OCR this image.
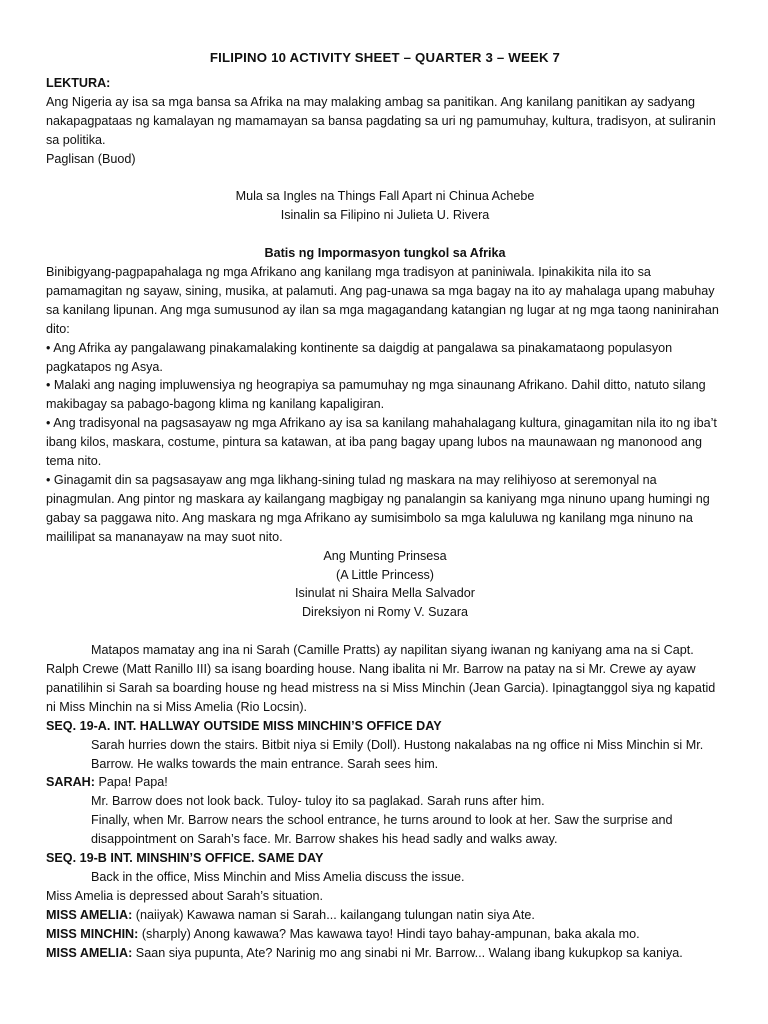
FILIPINO 10 ACTIVITY SHEET – QUARTER 3 – WEEK 7

LEKTURA:

Ang Nigeria ay isa sa mga bansa sa Afrika na may malaking ambag sa panitikan. Ang kanilang panitikan ay sadyang nakapagpataas ng kamalayan ng mamamayan sa bansa pagdating sa uri ng pamumuhay, kultura, tradisyon, at suliranin sa politika.

Paglisan (Buod)

Mula sa Ingles na Things Fall Apart ni Chinua Achebe

Isinalin sa Filipino ni Julieta U. Rivera

Batis ng Impormasyon tungkol sa Afrika

Binibigyang-pagpapahalaga ng mga Afrikano ang kanilang mga tradisyon at paniniwala. Ipinakikita nila ito sa pamamagitan ng sayaw, sining, musika, at palamuti. Ang pag-unawa sa mga bagay na ito ay mahalaga upang mabuhay sa kanilang lipunan. Ang mga sumusunod ay ilan sa mga magagandang katangian ng lugar at ng mga taong naninirahan dito:

• Ang Afrika ay pangalawang pinakamalaking kontinente sa daigdig at pangalawa sa pinakamataong populasyon pagkatapos ng Asya.

• Malaki ang naging impluwensiya ng heograpiya sa pamumuhay ng mga sinaunang Afrikano. Dahil ditto, natuto silang makibagay sa pabago-bagong klima ng kanilang kapaligiran.

• Ang tradisyonal na pagsasayaw ng mga Afrikano ay isa sa kanilang mahahalagang kultura, ginagamitan nila ito ng iba’t ibang kilos, maskara, costume, pintura sa katawan, at iba pang bagay upang lubos na maunawaan ng manonood ang tema nito.

• Ginagamit din sa pagsasayaw ang mga likhang-sining tulad ng maskara na may relihiyoso at seremonyal na pinagmulan. Ang pintor ng maskara ay kailangang magbigay ng panalangin sa kaniyang mga ninuno upang humingi ng gabay sa paggawa nito. Ang maskara ng mga Afrikano ay sumisimbolo sa mga kaluluwa ng kanilang mga ninuno na maililipat sa mananayaw na may suot nito.

Ang Munting Prinsesa

(A Little Princess)

Isinulat ni Shaira Mella Salvador

Direksiyon ni Romy V. Suzara

Matapos mamatay ang ina ni Sarah (Camille Pratts) ay napilitan siyang iwanan ng kaniyang ama na si Capt. Ralph Crewe (Matt Ranillo III) sa isang boarding house. Nang ibalita ni Mr. Barrow na patay na si Mr. Crewe ay ayaw panatilihin si Sarah sa boarding house ng head mistress na si Miss Minchin (Jean Garcia). Ipinagtanggol siya ng kapatid ni Miss Minchin na si Miss Amelia (Rio Locsin).

SEQ. 19-A. INT. HALLWAY OUTSIDE MISS MINCHIN’S OFFICE DAY

Sarah hurries down the stairs. Bitbit niya si Emily (Doll). Hustong nakalabas na ng office ni Miss Minchin si Mr. Barrow. He walks towards the main entrance. Sarah sees him.

SARAH: Papa! Papa!

Mr. Barrow does not look back. Tuloy- tuloy ito sa paglakad. Sarah runs after him.

Finally, when Mr. Barrow nears the school entrance, he turns around to look at her. Saw the surprise and disappointment on Sarah’s face. Mr. Barrow shakes his head sadly and walks away.

SEQ. 19-B INT. MINSHIN’S OFFICE. SAME DAY

Back in the office, Miss Minchin and Miss Amelia discuss the issue.

Miss Amelia is depressed about Sarah’s situation.

MISS AMELIA: (naiiyak) Kawawa naman si Sarah... kailangang tulungan natin siya Ate.

MISS MINCHIN: (sharply) Anong kawawa? Mas kawawa tayo! Hindi tayo bahay-ampunan, baka akala mo.

MISS AMELIA: Saan siya pupunta, Ate? Narinig mo ang sinabi ni Mr. Barrow... Walang ibang kukupkop sa kaniya.
